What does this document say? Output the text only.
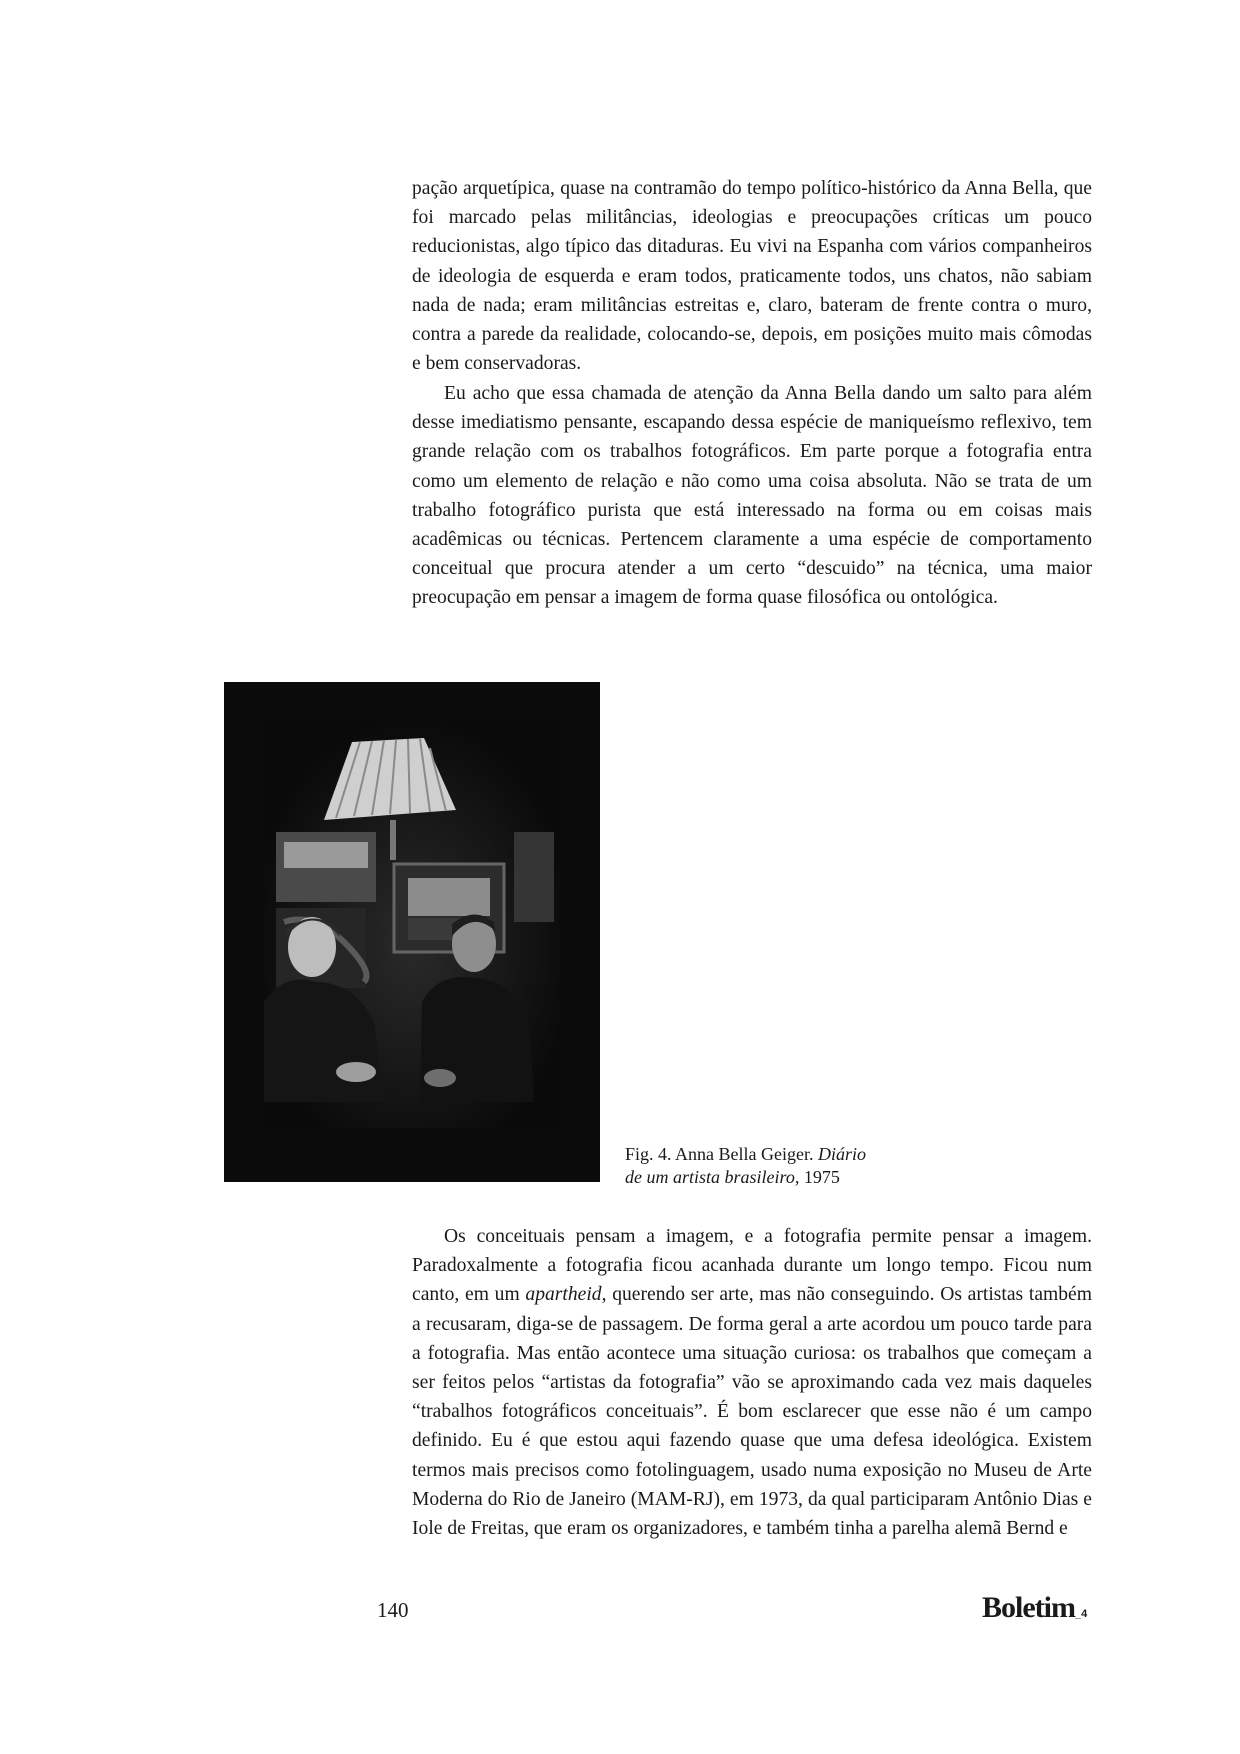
pação arquetípica, quase na contramão do tempo político-histórico da Anna Bella, que foi marcado pelas militâncias, ideologias e preocupações críticas um pouco reducionistas, algo típico das ditaduras. Eu vivi na Espanha com vários companheiros de ideologia de esquerda e eram todos, praticamente todos, uns chatos, não sabiam nada de nada; eram militâncias estreitas e, claro, bateram de frente contra o muro, contra a parede da realidade, colocando-se, depois, em posições muito mais cômodas e bem conservadoras.

Eu acho que essa chamada de atenção da Anna Bella dando um salto para além desse imediatismo pensante, escapando dessa espécie de maniqueísmo reflexivo, tem grande relação com os trabalhos fotográficos. Em parte porque a fotografia entra como um elemento de relação e não como uma coisa absoluta. Não se trata de um trabalho fotográfico purista que está interessado na forma ou em coisas mais acadêmicas ou técnicas. Pertencem claramente a uma espécie de comportamento conceitual que procura atender a um certo “descuido” na técnica, uma maior preocupação em pensar a imagem de forma quase filosófica ou ontológica.

Fig. 4. Anna Bella Geiger. Diário

de um artista brasileiro, 1975

Os conceituais pensam a imagem, e a fotografia permite pensar a imagem. Paradoxalmente a fotografia ficou acanhada durante um longo tempo. Ficou num canto, em um apartheid, querendo ser arte, mas não conseguindo. Os artistas também a recusaram, diga-se de passagem. De forma geral a arte acordou um pouco tarde para a fotografia. Mas então acontece uma situação curiosa: os trabalhos que começam a ser feitos pelos “artistas da fotografia” vão se aproximando cada vez mais daqueles “trabalhos fotográficos conceituais”. É bom esclarecer que esse não é um campo definido. Eu é que estou aqui fazendo quase que uma defesa ideológica. Existem termos mais precisos como fotolinguagem, usado numa exposição no Museu de Arte Moderna do Rio de Janeiro (MAM-RJ), em 1973, da qual participaram Antônio Dias e Iole de Freitas, que eram os organizadores, e também tinha a parelha alemã Bernd e

140	Boletim_4
